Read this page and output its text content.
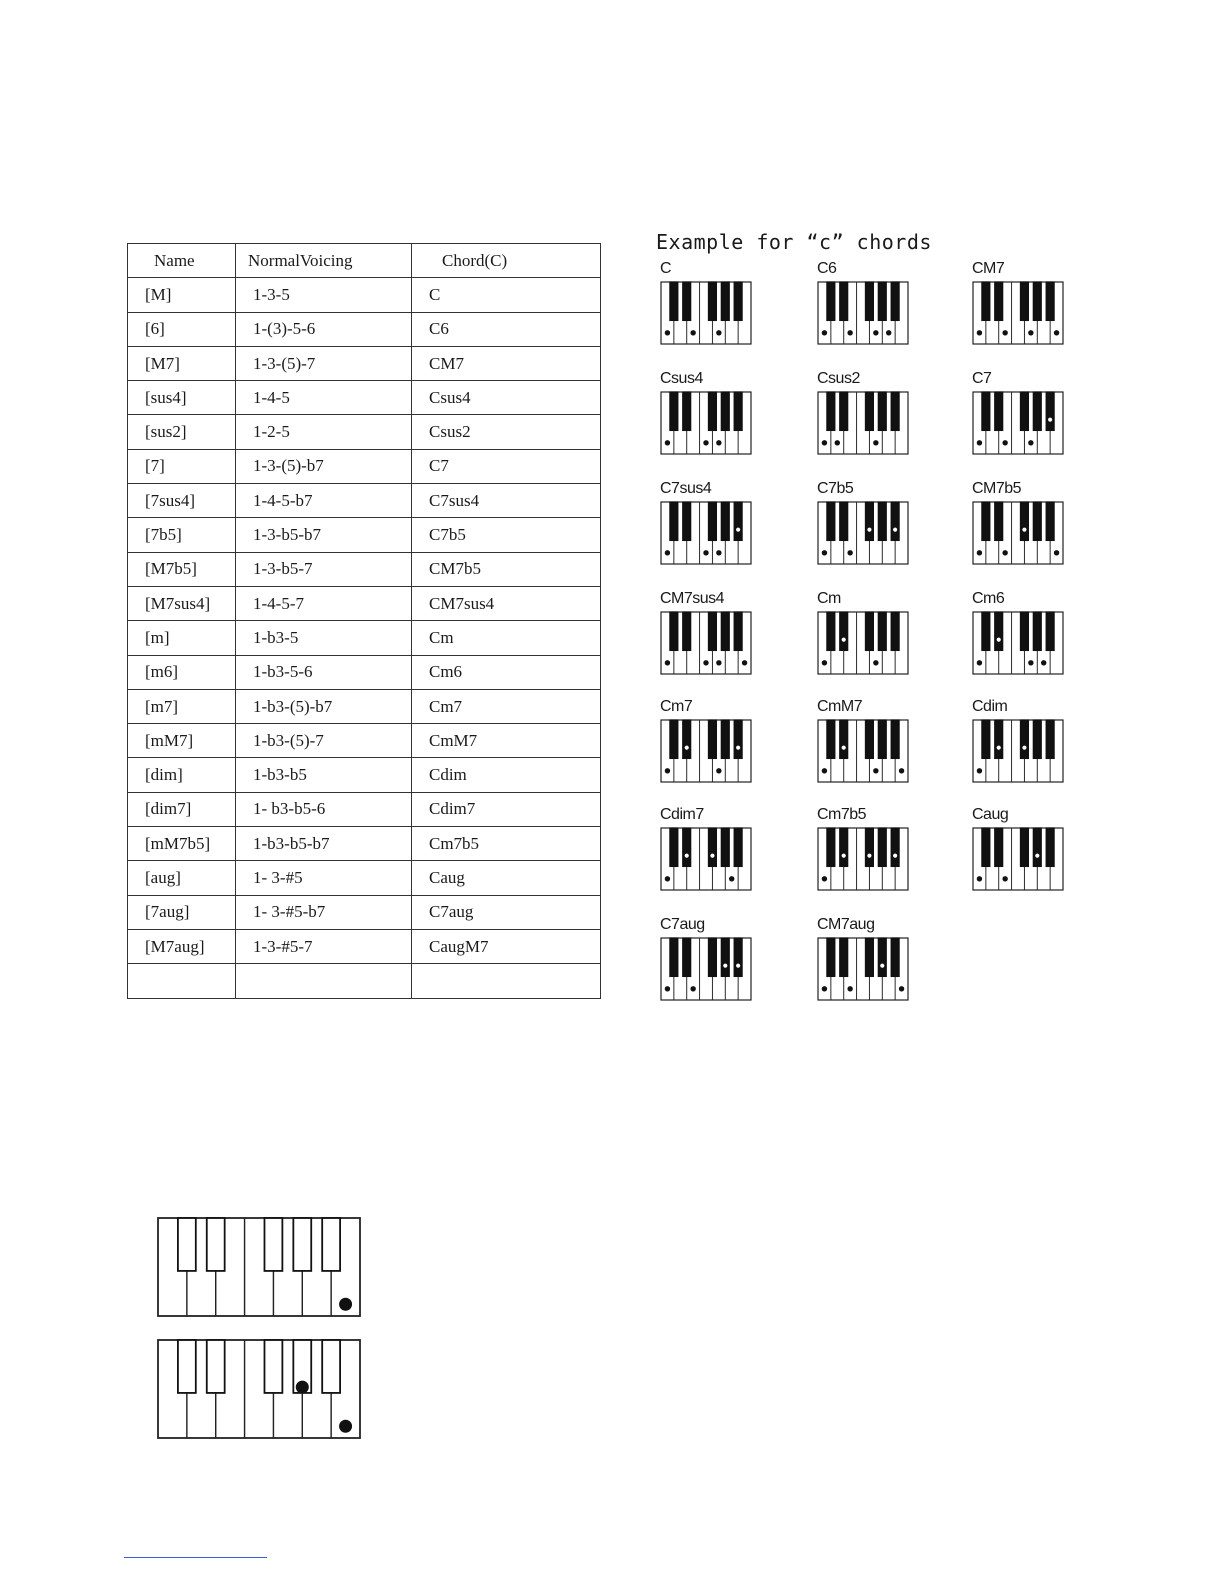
Name	NormalVoicing	Chord(C)
[M]	1-3-5	C
[6]	1-(3)-5-6	C6
[M7]	1-3-(5)-7	CM7
[sus4]	1-4-5	Csus4
[sus2]	1-2-5	Csus2
[7]	1-3-(5)-b7	C7
[7sus4]	1-4-5-b7	C7sus4
[7b5]	1-3-b5-b7	C7b5
[M7b5]	1-3-b5-7	CM7b5
[M7sus4]	1-4-5-7	CM7sus4
[m]	1-b3-5	Cm
[m6]	1-b3-5-6	Cm6
[m7]	1-b3-(5)-b7	Cm7
[mM7]	1-b3-(5)-7	CmM7
[dim]	1-b3-b5	Cdim
[dim7]	1- b3-b5-6	Cdim7
[mM7b5]	1-b3-b5-b7	Cm7b5
[aug]	1- 3-#5	Caug
[7aug]	1- 3-#5-b7	C7aug
[M7aug]	1-3-#5-7	CaugM7

Example for “c” chords
C	C6	CM7
Csus4	Csus2	C7
C7sus4	C7b5	CM7b5
CM7sus4	Cm	Cm6
Cm7	CmM7	Cdim
Cdim7	Cm7b5	Caug
C7aug	CM7aug
